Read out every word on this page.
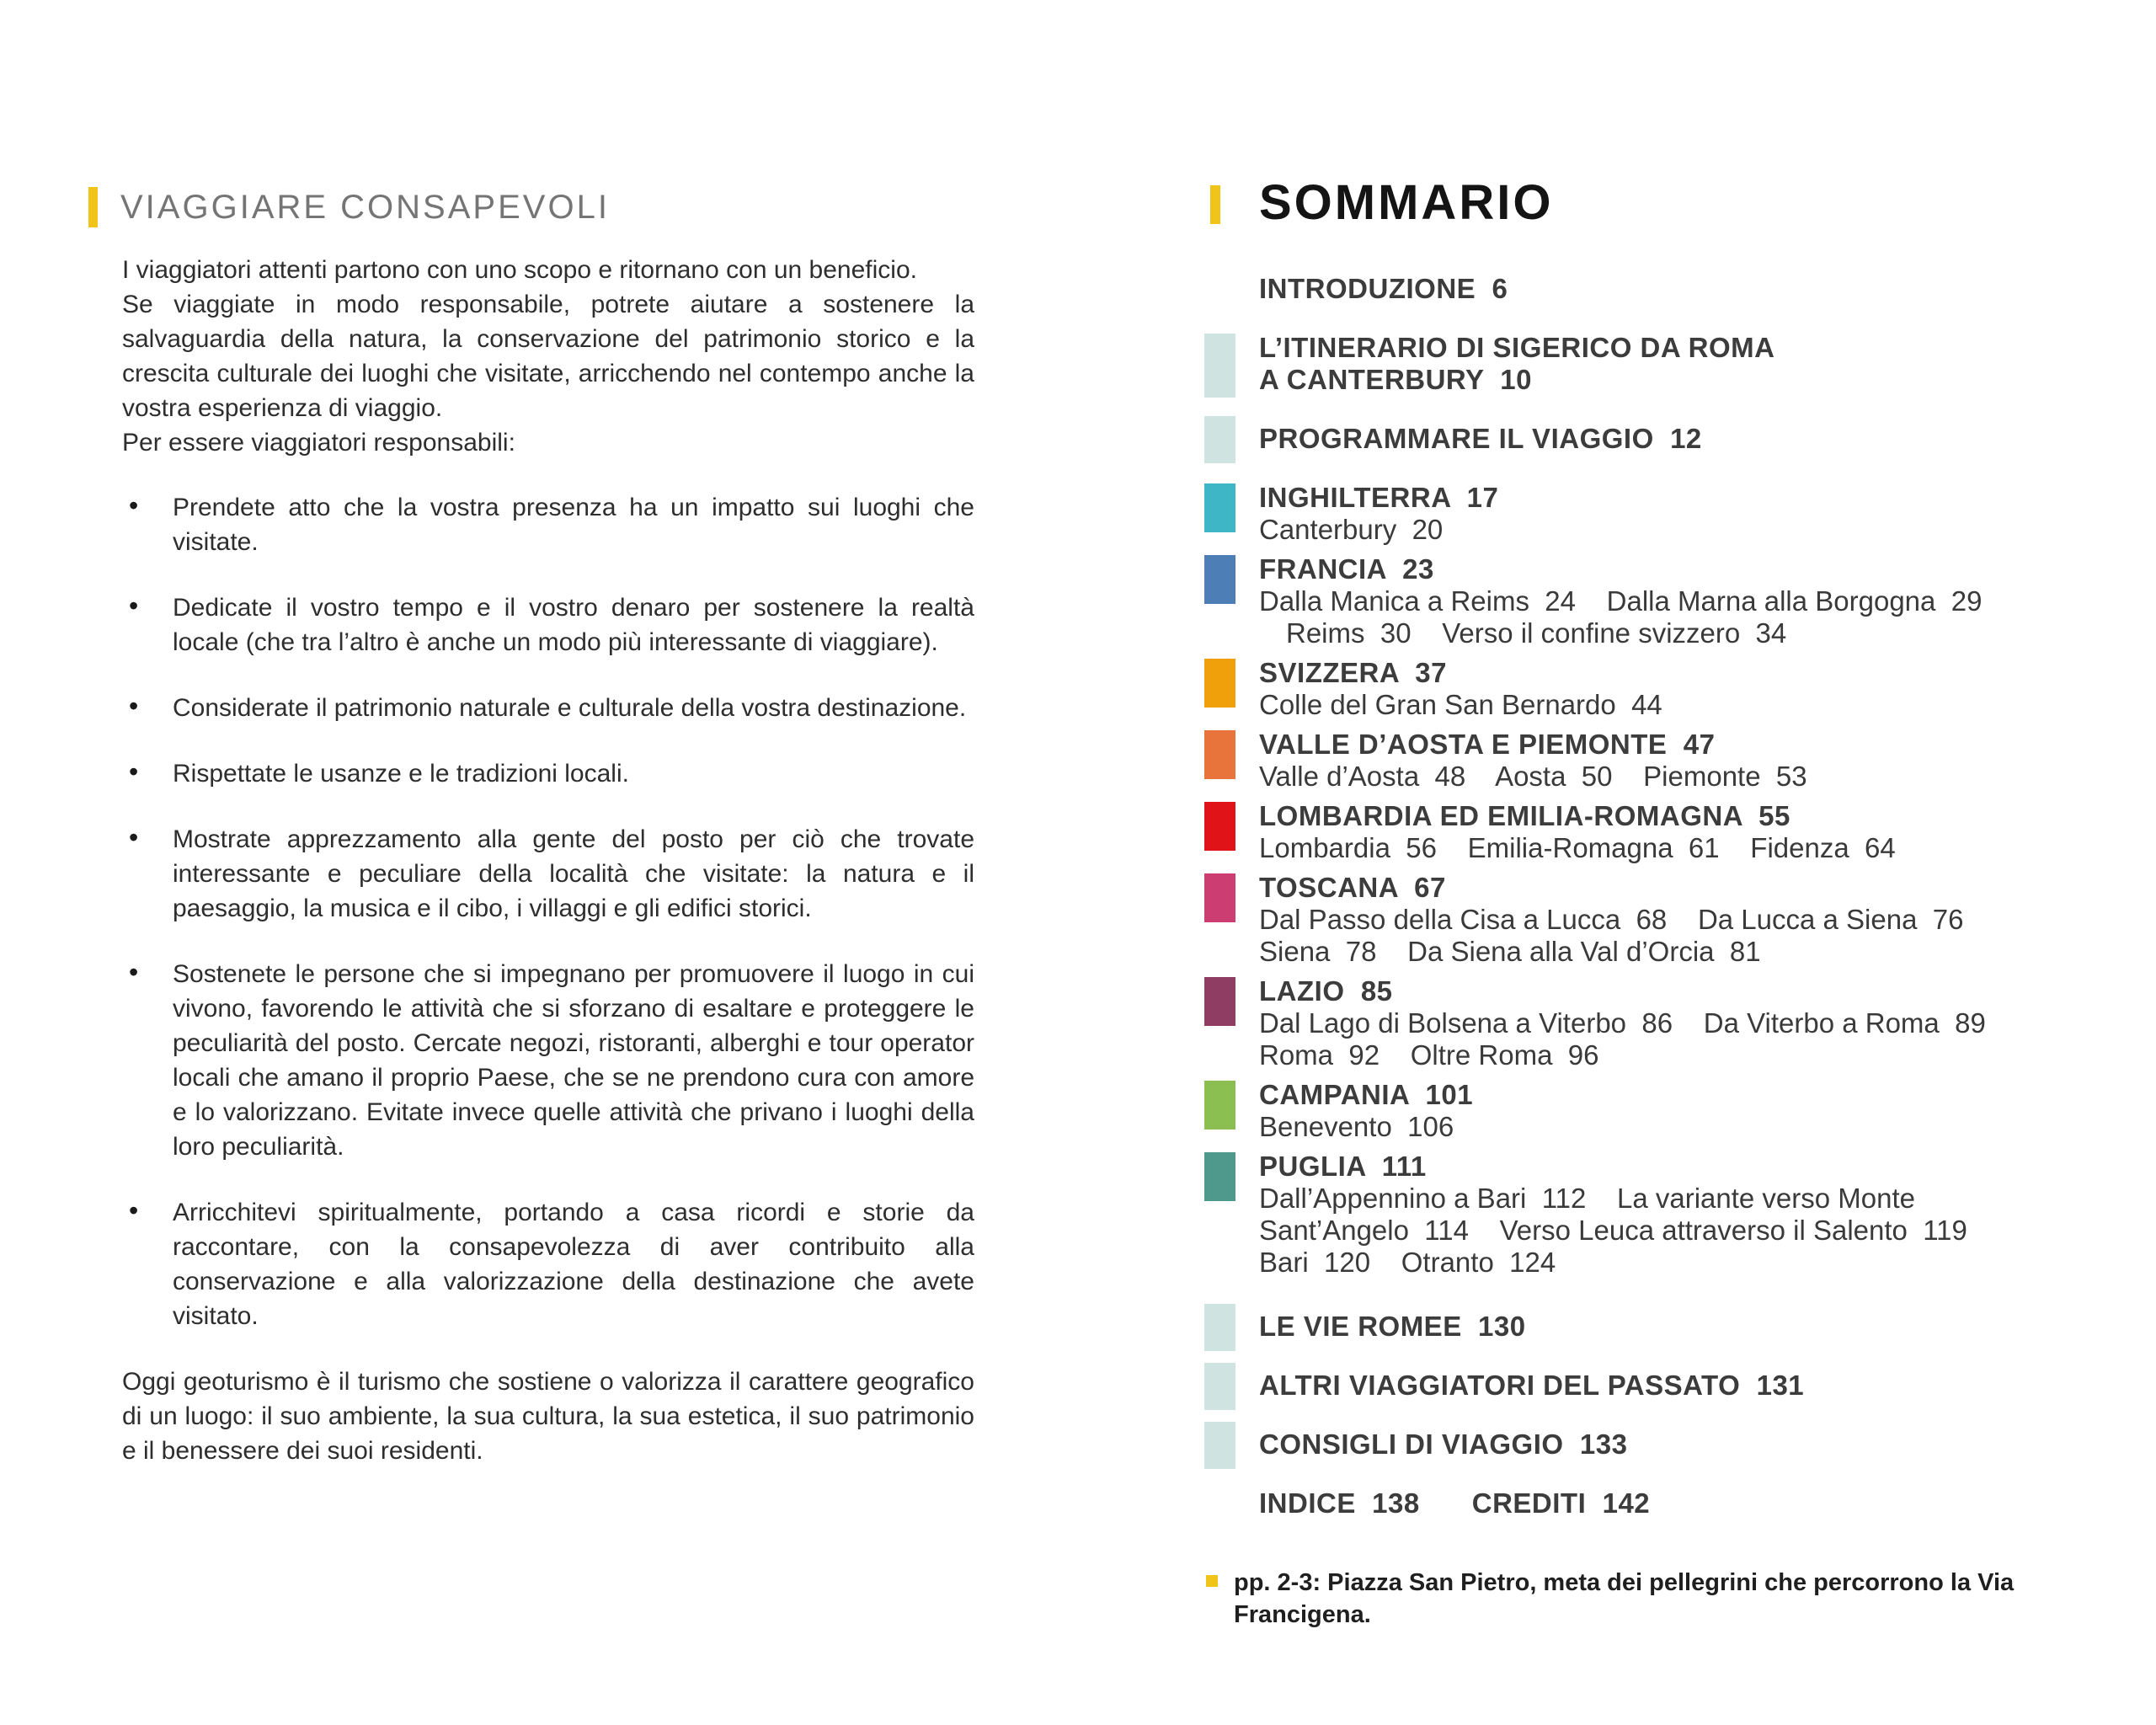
VIAGGIARE CONSAPEVOLI

I viaggiatori attenti partono con uno scopo e ritornano con un beneficio.

Se viaggiate in modo responsabile, potrete aiutare a sostenere la salvaguardia della natura, la conservazione del patrimonio storico e la crescita culturale dei luoghi che visitate, arricchendo nel contempo anche la vostra esperienza di viaggio.

Per essere viaggiatori responsabili:

• Prendete atto che la vostra presenza ha un impatto sui luoghi che visitate.
• Dedicate il vostro tempo e il vostro denaro per sostenere la realtà locale (che tra l’altro è anche un modo più interessante di viaggiare).
• Considerate il patrimonio naturale e culturale della vostra destinazione.
• Rispettate le usanze e le tradizioni locali.
• Mostrate apprezzamento alla gente del posto per ciò che trovate interessante e peculiare della località che visitate: la natura e il paesaggio, la musica e il cibo, i villaggi e gli edifici storici.
• Sostenete le persone che si impegnano per promuovere il luogo in cui vivono, favorendo le attività che si sforzano di esaltare e proteggere le peculiarità del posto. Cercate negozi, ristoranti, alberghi e tour operator locali che amano il proprio Paese, che se ne prendono cura con amore e lo valorizzano. Evitate invece quelle attività che privano i luoghi della loro peculiarità.
• Arricchitevi spiritualmente, portando a casa ricordi e storie da raccontare, con la consapevolezza di aver contribuito alla conservazione e alla valorizzazione della destinazione che avete visitato.

Oggi geoturismo è il turismo che sostiene o valorizza il carattere geografico di un luogo: il suo ambiente, la sua cultura, la sua estetica, il suo patrimonio e il benessere dei suoi residenti.

SOMMARIO
INTRODUZIONE  6
L’ITINERARIO DI SIGERICO DA ROMA
A CANTERBURY  10
PROGRAMMARE IL VIAGGIO  12
INGHILTERRA  17
Canterbury  20
FRANCIA  23
Dalla Manica a Reims  24    Dalla Marna alla Borgogna  29
Reims  30    Verso il confine svizzero  34
SVIZZERA  37
Colle del Gran San Bernardo  44
VALLE D’AOSTA E PIEMONTE  47
Valle d’Aosta  48    Aosta  50    Piemonte  53
LOMBARDIA ED EMILIA-ROMAGNA  55
Lombardia  56    Emilia-Romagna  61    Fidenza  64
TOSCANA  67
Dal Passo della Cisa a Lucca  68    Da Lucca a Siena  76
Siena  78    Da Siena alla Val d’Orcia  81
LAZIO  85
Dal Lago di Bolsena a Viterbo  86    Da Viterbo a Roma  89
Roma  92    Oltre Roma  96
CAMPANIA  101
Benevento  106
PUGLIA  111
Dall’Appennino a Bari  112    La variante verso Monte
Sant’Angelo  114    Verso Leuca attraverso il Salento  119
Bari  120    Otranto  124
LE VIE ROMEE  130
ALTRI VIAGGIATORI DEL PASSATO  131
CONSIGLI DI VIAGGIO  133
INDICE  138 CREDITI  142
pp. 2-3: Piazza San Pietro, meta dei pellegrini che percorrono la Via Francigena.
